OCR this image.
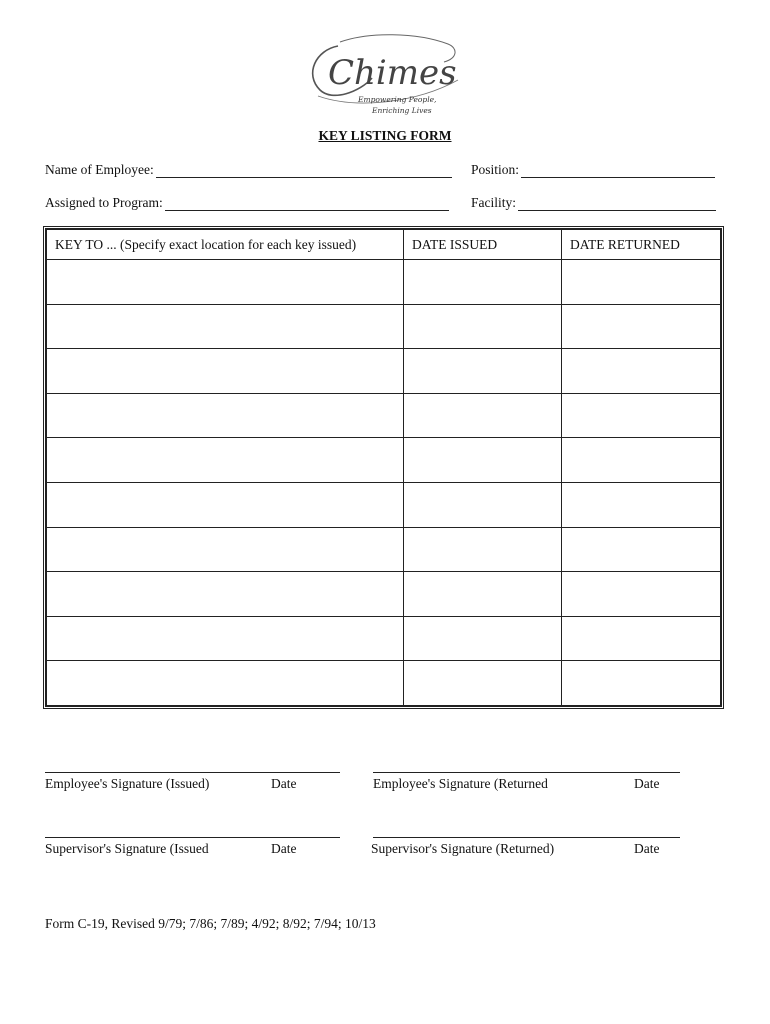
Chimes
Empowering People,
Enriching Lives
KEY LISTING FORM
Name of Employee:	Position:
Assigned to Program:	Facility:
KEY TO ... (Specify exact location for each key issued)	DATE ISSUED	DATE RETURNED

Employee's Signature (Issued)	Date	Employee's Signature (Returned	Date
Supervisor's Signature (Issued	Date	Supervisor's Signature (Returned)	Date
Form C-19, Revised 9/79; 7/86; 7/89; 4/92; 8/92; 7/94; 10/13
